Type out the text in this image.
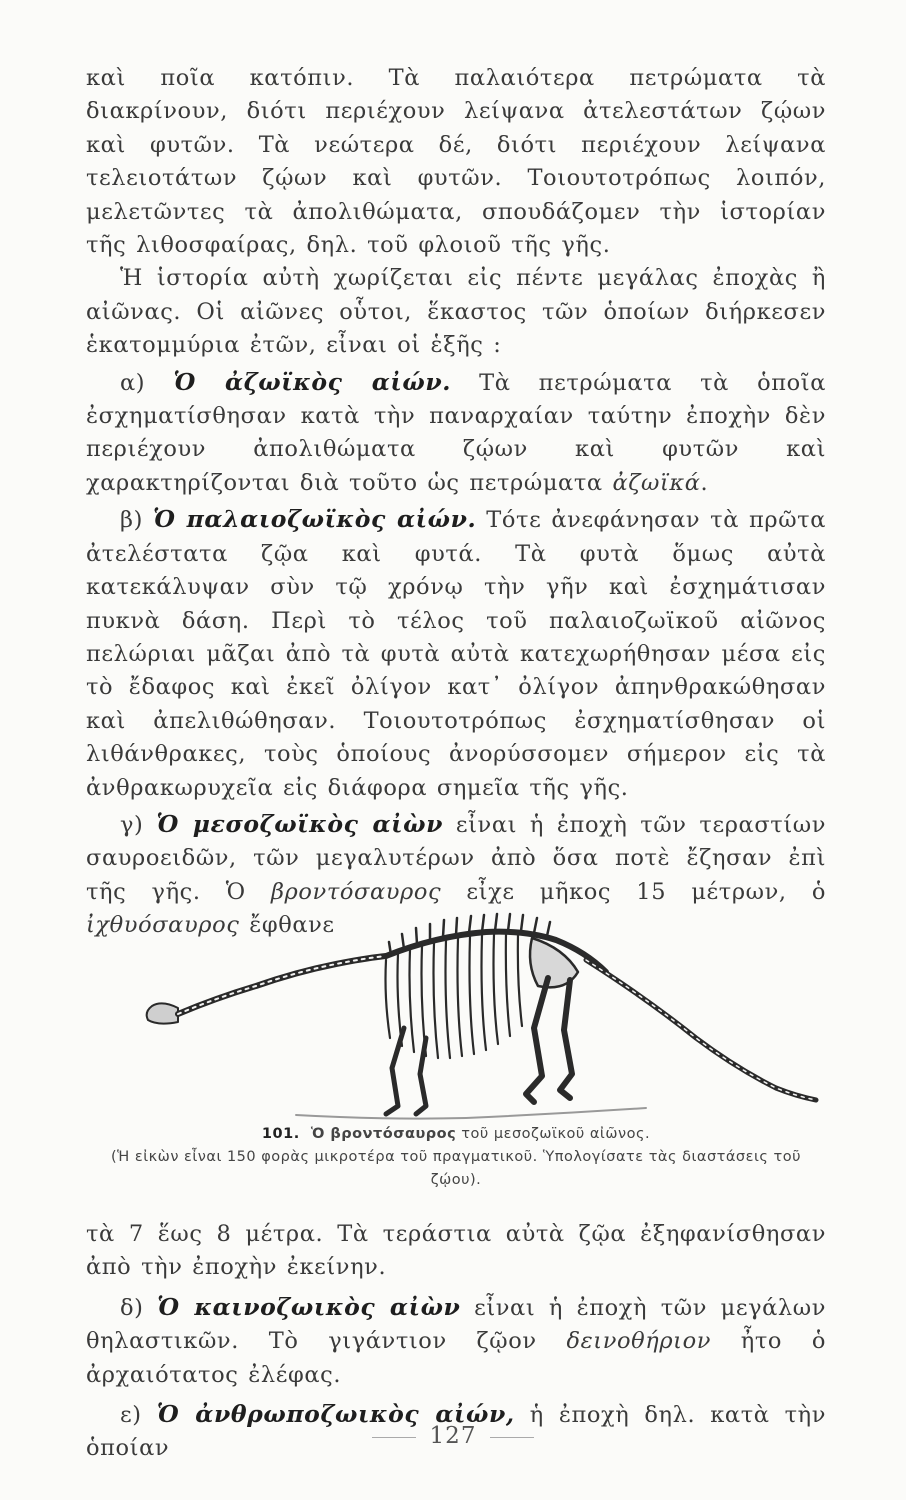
καὶ ποῖα κατόπιν. Τὰ παλαιότερα πετρώματα τὰ διακρίνουν, διότι περιέχουν λείψανα ἀτελεστάτων ζῴων καὶ φυτῶν. Τὰ νεώτερα δέ, διότι περιέχουν λείψανα τελειοτάτων ζῴων καὶ φυτῶν. Τοιουτοτρόπως λοιπόν, μελετῶντες τὰ ἀπολιθώματα, σπουδάζομεν τὴν ἱστορίαν τῆς λιθοσφαίρας, δηλ. τοῦ φλοιοῦ τῆς γῆς.

Ἡ ἱστορία αὐτὴ χωρίζεται εἰς πέντε μεγάλας ἐποχὰς ἢ αἰῶνας. Οἱ αἰῶνες οὗτοι, ἕκαστος τῶν ὁποίων διήρκεσεν ἑκατομμύρια ἐτῶν, εἶναι οἱ ἑξῆς :

α) Ὁ ἀζωϊκὸς αἰών. Τὰ πετρώματα τὰ ὁποῖα ἐσχηματίσθησαν κατὰ τὴν παναρχαίαν ταύτην ἐποχὴν δὲν περιέχουν ἀπολιθώματα ζῴων καὶ φυτῶν καὶ χαρακτηρίζονται διὰ τοῦτο ὡς πετρώματα ἀζωϊκά.

β) Ὁ παλαιοζωϊκὸς αἰών. Τότε ἀνεφάνησαν τὰ πρῶτα ἀτελέστατα ζῷα καὶ φυτά. Τὰ φυτὰ ὅμως αὐτὰ κατεκάλυψαν σὺν τῷ χρόνῳ τὴν γῆν καὶ ἐσχημάτισαν πυκνὰ δάση. Περὶ τὸ τέλος τοῦ παλαιοζωϊκοῦ αἰῶνος πελώριαι μᾶζαι ἀπὸ τὰ φυτὰ αὐτὰ κατεχωρήθησαν μέσα εἰς τὸ ἔδαφος καὶ ἐκεῖ ὀλίγον κατ᾽ ὀλίγον ἀπηνθρακώθησαν καὶ ἀπελιθώθησαν. Τοιουτοτρόπως ἐσχηματίσθησαν οἱ λιθάνθρακες, τοὺς ὁποίους ἀνορύσσομεν σήμερον εἰς τὰ ἀνθρακωρυχεῖα εἰς διάφορα σημεῖα τῆς γῆς.

γ) Ὁ μεσοζωϊκὸς αἰὼν εἶναι ἡ ἐποχὴ τῶν τεραστίων σαυροειδῶν, τῶν μεγαλυτέρων ἀπὸ ὅσα ποτὲ ἔζησαν ἐπὶ τῆς γῆς. Ὁ βροντόσαυρος εἶχε μῆκος 15 μέτρων, ὁ ἰχθυόσαυρος ἔφθανε

101. Ὁ βροντόσαυρος τοῦ μεσοζωϊκοῦ αἰῶνος.
(Ἡ εἰκὼν εἶναι 150 φορὰς μικροτέρα τοῦ πραγματικοῦ. Ὑπολογίσατε τὰς διαστάσεις τοῦ ζῴου).

τὰ 7 ἕως 8 μέτρα. Τὰ τεράστια αὐτὰ ζῷα ἐξηφανίσθησαν ἀπὸ τὴν ἐποχὴν ἐκείνην.

δ) Ὁ καινοζωικὸς αἰὼν εἶναι ἡ ἐποχὴ τῶν μεγάλων θηλαστικῶν. Τὸ γιγάντιον ζῷον δεινοθήριον ἦτο ὁ ἀρχαιότατος ἐλέφας.

ε) Ὁ ἀνθρωποζωικὸς αἰών, ἡ ἐποχὴ δηλ. κατὰ τὴν ὁποίαν	127
